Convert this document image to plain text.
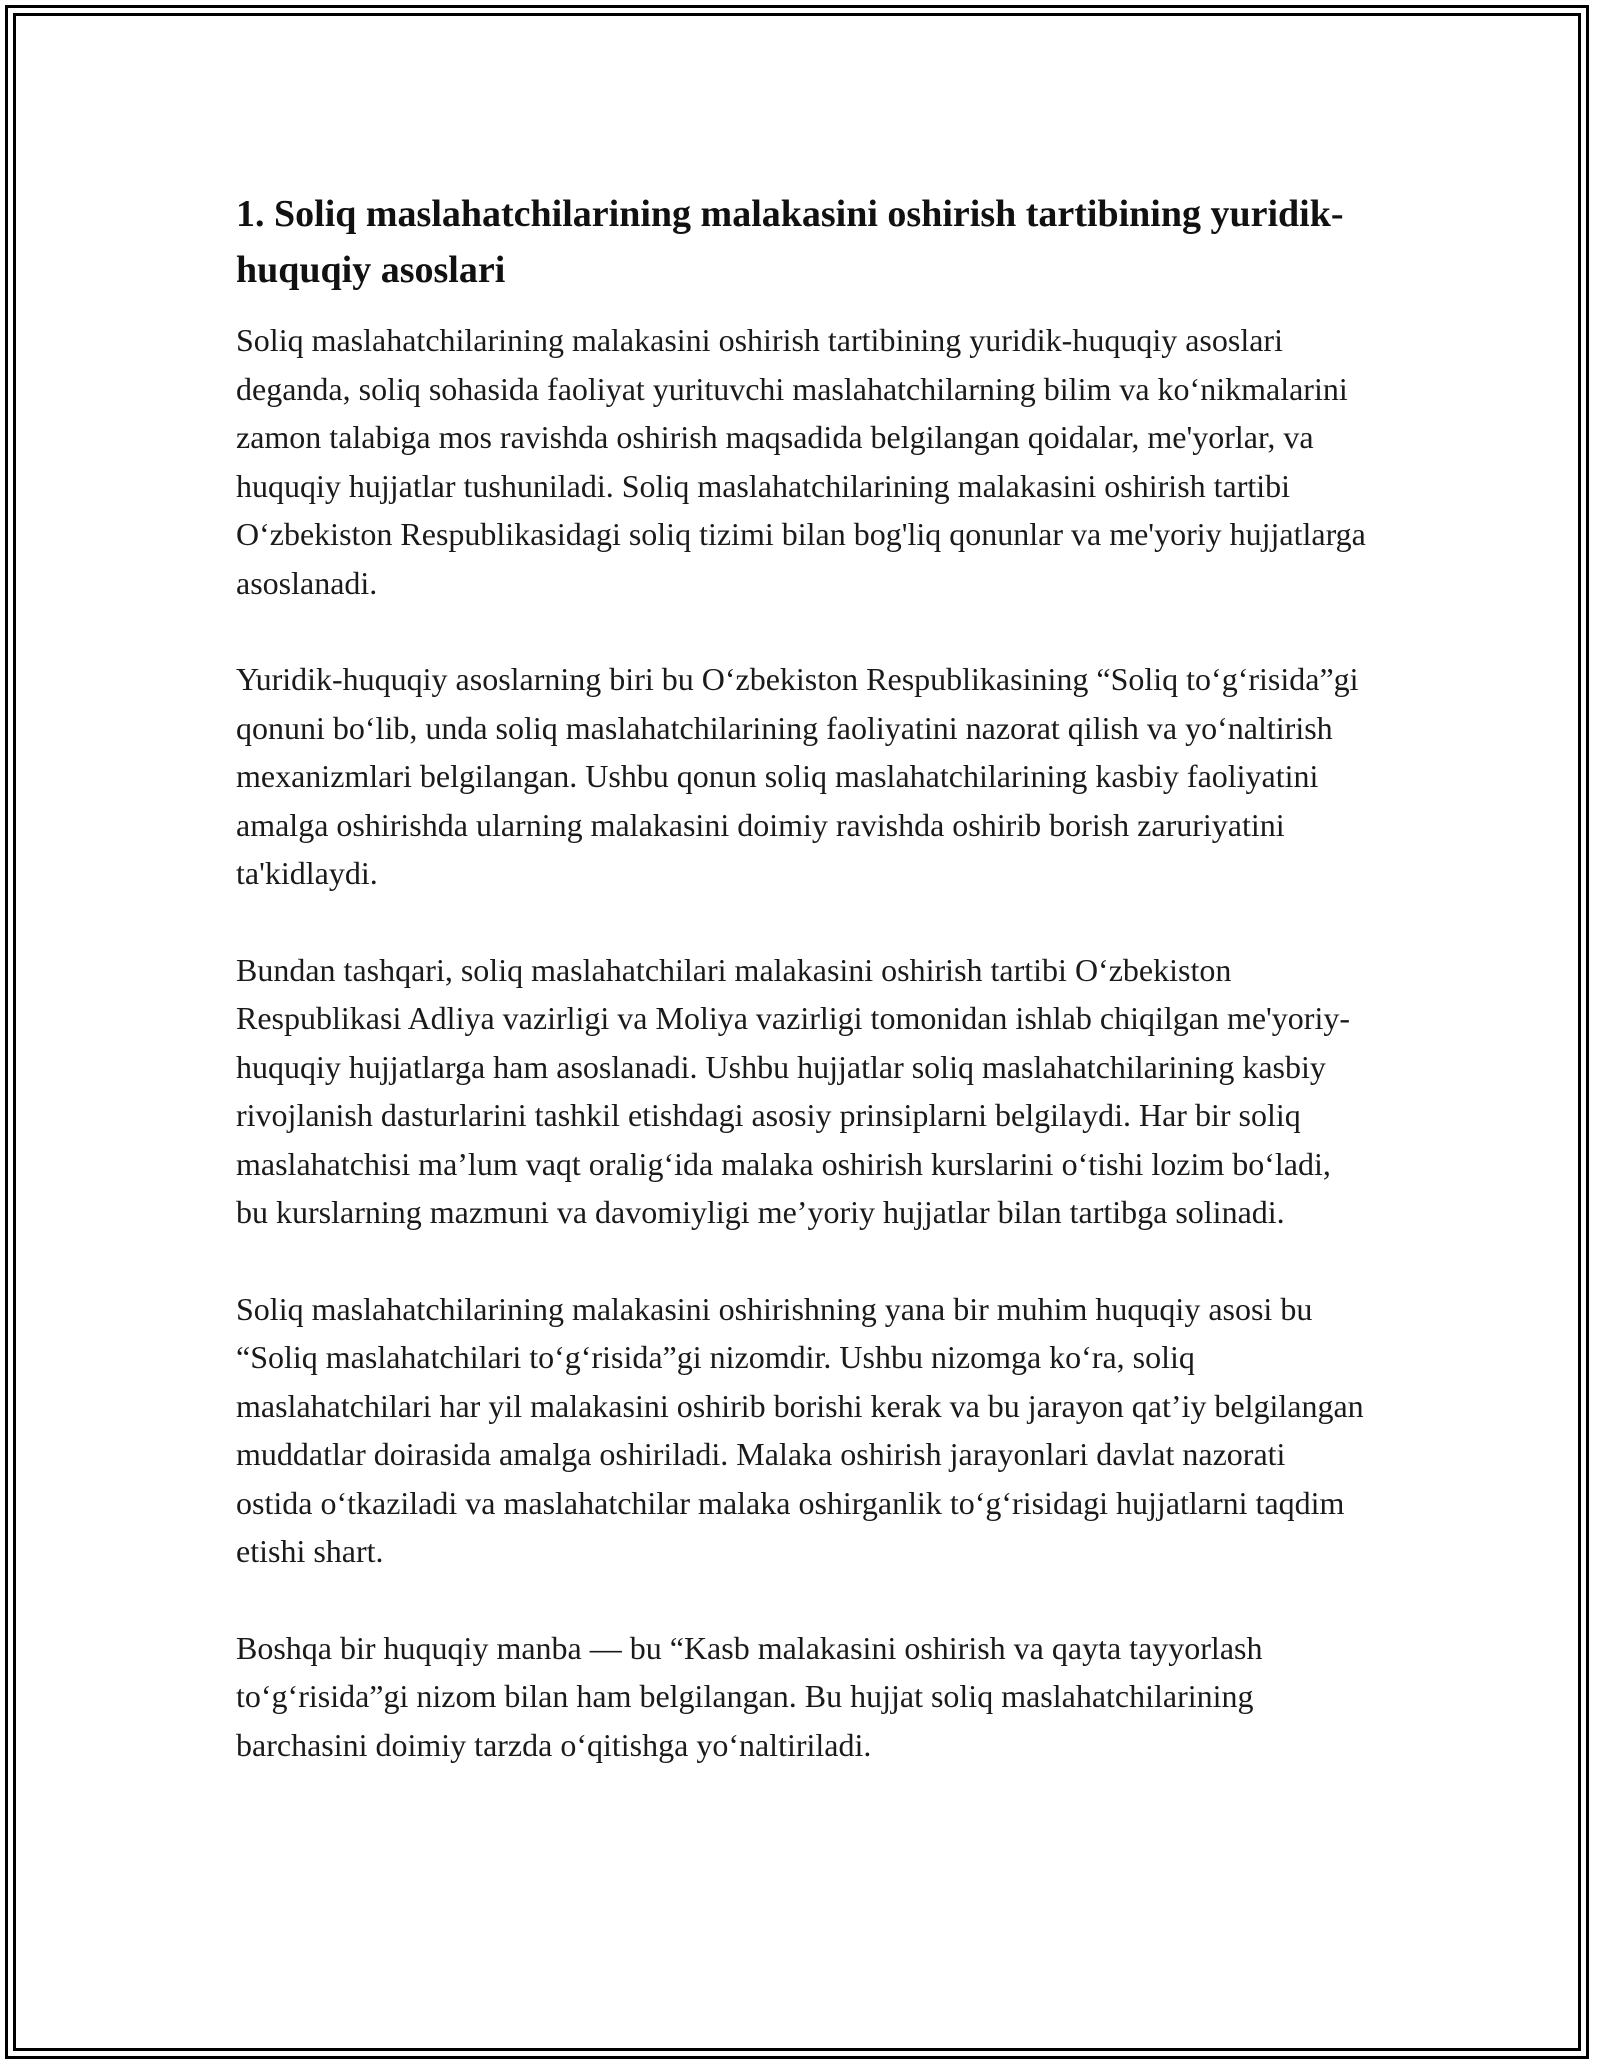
1. Soliq maslahatchilarining malakasini oshirish tartibining yuridik-huquqiy asoslari

Soliq maslahatchilarining malakasini oshirish tartibining yuridik-huquqiy asoslari deganda, soliq sohasida faoliyat yurituvchi maslahatchilarning bilim va ko‘nikmalarini zamon talabiga mos ravishda oshirish maqsadida belgilangan qoidalar, me'yorlar, va huquqiy hujjatlar tushuniladi. Soliq maslahatchilarining malakasini oshirish tartibi O‘zbekiston Respublikasidagi soliq tizimi bilan bog'liq qonunlar va me'yoriy hujjatlarga asoslanadi.

Yuridik-huquqiy asoslarning biri bu O‘zbekiston Respublikasining “Soliq to‘g‘risida”gi qonuni bo‘lib, unda soliq maslahatchilarining faoliyatini nazorat qilish va yo‘naltirish mexanizmlari belgilangan. Ushbu qonun soliq maslahatchilarining kasbiy faoliyatini amalga oshirishda ularning malakasini doimiy ravishda oshirib borish zaruriyatini ta'kidlaydi.

Bundan tashqari, soliq maslahatchilari malakasini oshirish tartibi O‘zbekiston Respublikasi Adliya vazirligi va Moliya vazirligi tomonidan ishlab chiqilgan me'yoriy-huquqiy hujjatlarga ham asoslanadi. Ushbu hujjatlar soliq maslahatchilarining kasbiy rivojlanish dasturlarini tashkil etishdagi asosiy prinsiplarni belgilaydi. Har bir soliq maslahatchisi ma’lum vaqt oralig‘ida malaka oshirish kurslarini o‘tishi lozim bo‘ladi, bu kurslarning mazmuni va davomiyligi me’yoriy hujjatlar bilan tartibga solinadi.

Soliq maslahatchilarining malakasini oshirishning yana bir muhim huquqiy asosi bu “Soliq maslahatchilari to‘g‘risida”gi nizomdir. Ushbu nizomga ko‘ra, soliq maslahatchilari har yil malakasini oshirib borishi kerak va bu jarayon qat’iy belgilangan muddatlar doirasida amalga oshiriladi. Malaka oshirish jarayonlari davlat nazorati ostida o‘tkaziladi va maslahatchilar malaka oshirganlik to‘g‘risidagi hujjatlarni taqdim etishi shart.

Boshqa bir huquqiy manba — bu “Kasb malakasini oshirish va qayta tayyorlash to‘g‘risida”gi nizom bilan ham belgilangan. Bu hujjat soliq maslahatchilarining barchasini doimiy tarzda o‘qitishga yo‘naltiriladi.
